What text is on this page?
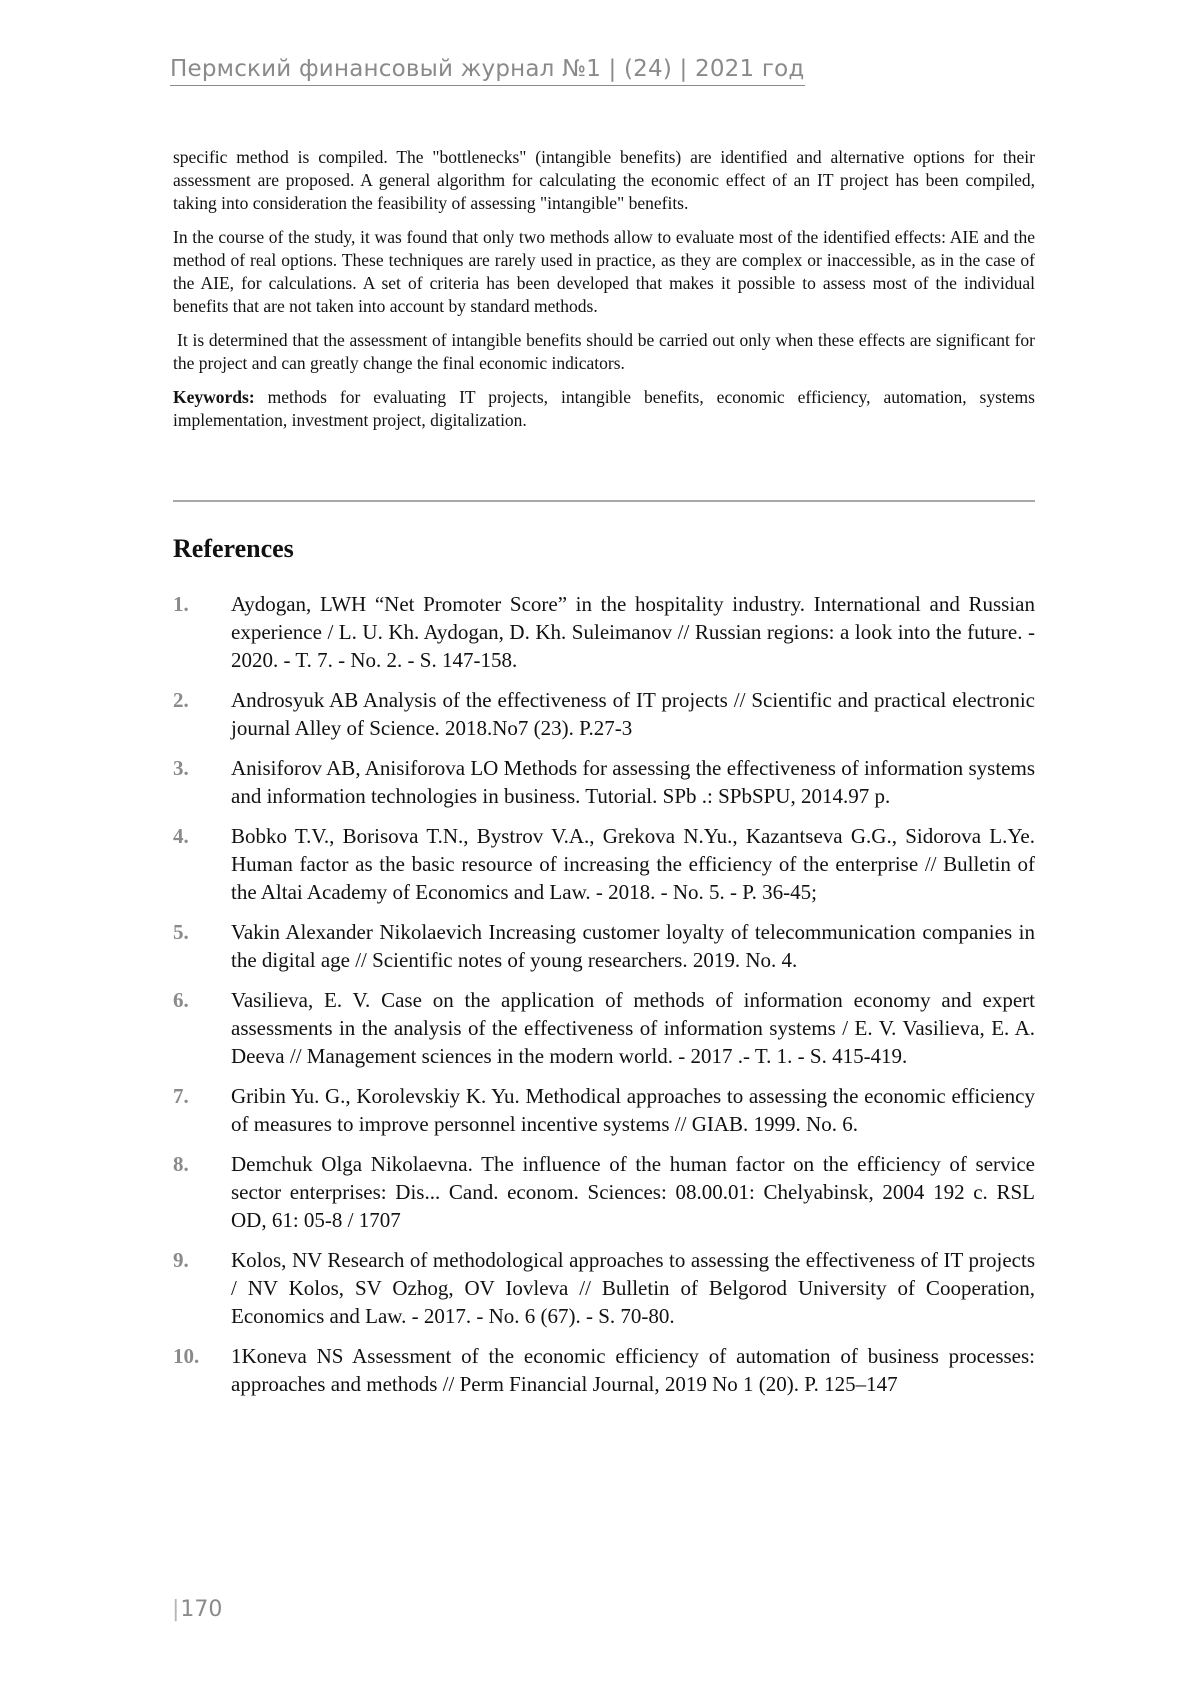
Пермский финансовый журнал №1 | (24) | 2021 год

specific method is compiled. The "bottlenecks" (intangible benefits) are identified and alternative options for their assessment are proposed. A general algorithm for calculating the economic effect of an IT project has been compiled, taking into consideration the feasibility of assessing "intangible" benefits.

In the course of the study, it was found that only two methods allow to evaluate most of the identified effects: AIE and the method of real options. These techniques are rarely used in practice, as they are complex or inaccessible, as in the case of the AIE, for calculations. A set of criteria has been developed that makes it possible to assess most of the individual benefits that are not taken into account by standard methods.

It is determined that the assessment of intangible benefits should be carried out only when these effects are significant for the project and can greatly change the final economic indicators.

Keywords: methods for evaluating IT projects, intangible benefits, economic efficiency, automation, systems implementation, investment project, digitalization.

References
1.	Aydogan, LWH “Net Promoter Score” in the hospitality industry. International and Russian experience / L. U. Kh. Aydogan, D. Kh. Suleimanov // Russian regions: a look into the future. - 2020. - T. 7. - No. 2. - S. 147-158.
2.	Androsyuk AB Analysis of the effectiveness of IT projects // Scientific and practical electronic journal Alley of Science. 2018.No7 (23). P.27-3
3.	Anisiforov AB, Anisiforova LO Methods for assessing the effectiveness of information systems and information technologies in business. Tutorial. SPb .: SPbSPU, 2014.97 p.
4.	Bobko T.V., Borisova T.N., Bystrov V.A., Grekova N.Yu., Kazantseva G.G., Sidorova L.Ye. Human factor as the basic resource of increasing the efficiency of the enterprise // Bulletin of the Altai Academy of Economics and Law. - 2018. - No. 5. - P. 36-45;
5.	Vakin Alexander Nikolaevich Increasing customer loyalty of telecommunication companies in the digital age // Scientific notes of young researchers. 2019. No. 4.
6.	Vasilieva, E. V. Case on the application of methods of information economy and expert assessments in the analysis of the effectiveness of information systems / E. V. Vasilieva, E. A. Deeva // Management sciences in the modern world. - 2017 .- T. 1. - S. 415-419.
7.	Gribin Yu. G., Korolevskiy K. Yu. Methodical approaches to assessing the economic efficiency of measures to improve personnel incentive systems // GIAB. 1999. No. 6.
8.	Demchuk Olga Nikolaevna. The influence of the human factor on the efficiency of service sector enterprises: Dis... Cand. econom. Sciences: 08.00.01: Chelyabinsk, 2004 192 c. RSL OD, 61: 05-8 / 1707
9.	Kolos, NV Research of methodological approaches to assessing the effectiveness of IT projects / NV Kolos, SV Ozhog, OV Iovleva // Bulletin of Belgorod University of Cooperation, Economics and Law. - 2017. - No. 6 (67). - S. 70-80.
10.	1Koneva NS Assessment of the economic efficiency of automation of business processes: approaches and methods // Perm Financial Journal, 2019 No 1 (20). P. 125–147
|170
